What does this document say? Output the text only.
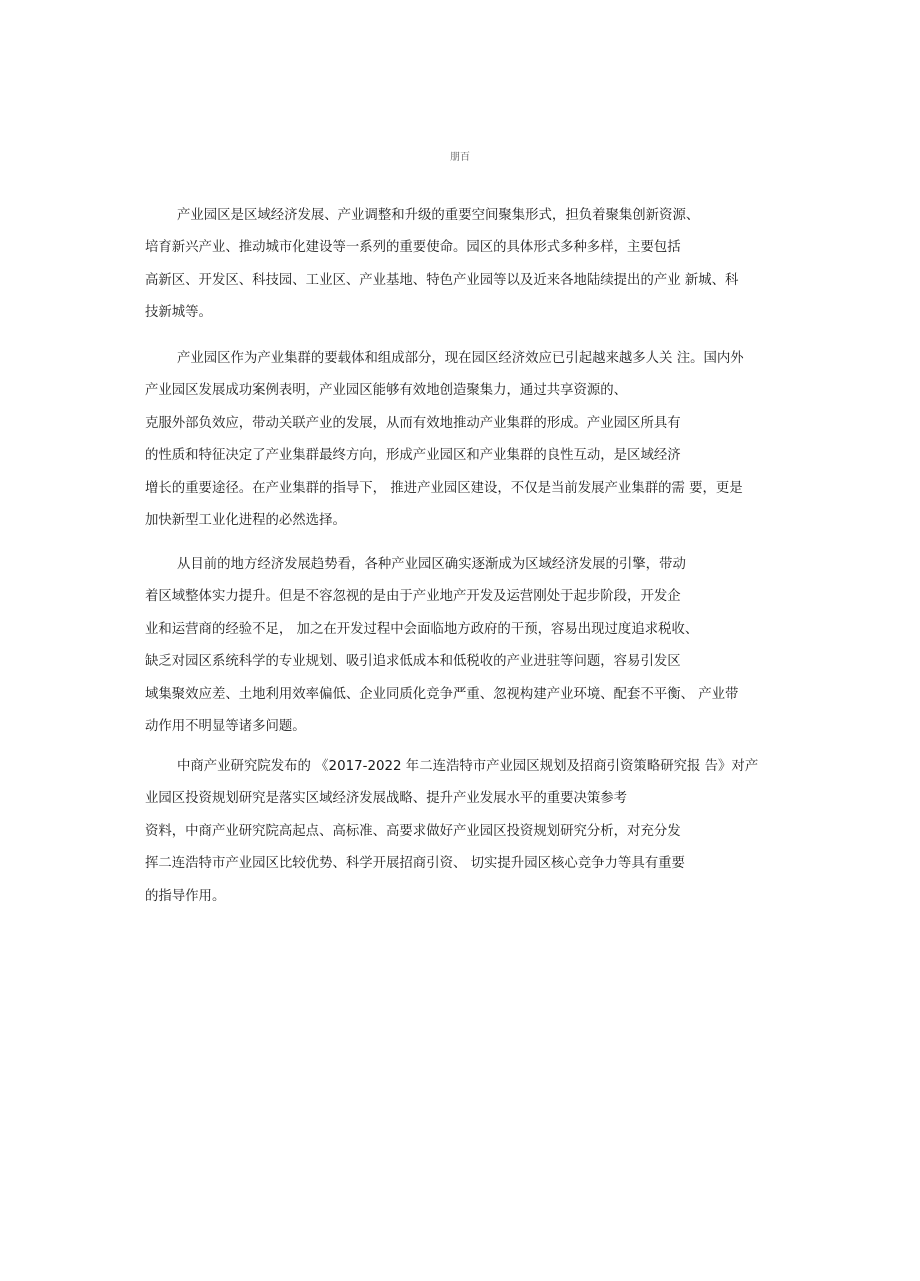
朋百
产业园区是区域经济发展、产业调整和升级的重要空间聚集形式，担负着聚集创新资源、
培育新兴产业、推动城市化建设等一系列的重要使命。园区的具体形式多种多样，主要包括
高新区、开发区、科技园、工业区、产业基地、特色产业园等以及近来各地陆续提出的产业 新城、科
技新城等。
产业园区作为产业集群的要载体和组成部分，现在园区经济效应已引起越来越多人关 注。国内外
产业园区发展成功案例表明，产业园区能够有效地创造聚集力，通过共享资源的、
克服外部负效应，带动关联产业的发展，从而有效地推动产业集群的形成。产业园区所具有
的性质和特征决定了产业集群最终方向，形成产业园区和产业集群的良性互动，是区域经济
增长的重要途径。在产业集群的指导下， 推进产业园区建设，不仅是当前发展产业集群的需 要，更是
加快新型工业化进程的必然选择。
从目前的地方经济发展趋势看，各种产业园区确实逐渐成为区域经济发展的引擎，带动
着区域整体实力提升。但是不容忽视的是由于产业地产开发及运营刚处于起步阶段，开发企
业和运营商的经验不足， 加之在开发过程中会面临地方政府的干预，容易出现过度追求税收、
缺乏对园区系统科学的专业规划、吸引追求低成本和低税收的产业进驻等问题，容易引发区
域集聚效应差、土地利用效率偏低、企业同质化竞争严重、忽视构建产业环境、配套不平衡、 产业带
动作用不明显等诸多问题。
中商产业研究院发布的 《2017-2022 年二连浩特市产业园区规划及招商引资策略研究报 告》对产
业园区投资规划研究是落实区域经济发展战略、提升产业发展水平的重要决策参考
资料，中商产业研究院高起点、高标准、高要求做好产业园区投资规划研究分析，对充分发
挥二连浩特市产业园区比较优势、科学开展招商引资、 切实提升园区核心竞争力等具有重要
的指导作用。
